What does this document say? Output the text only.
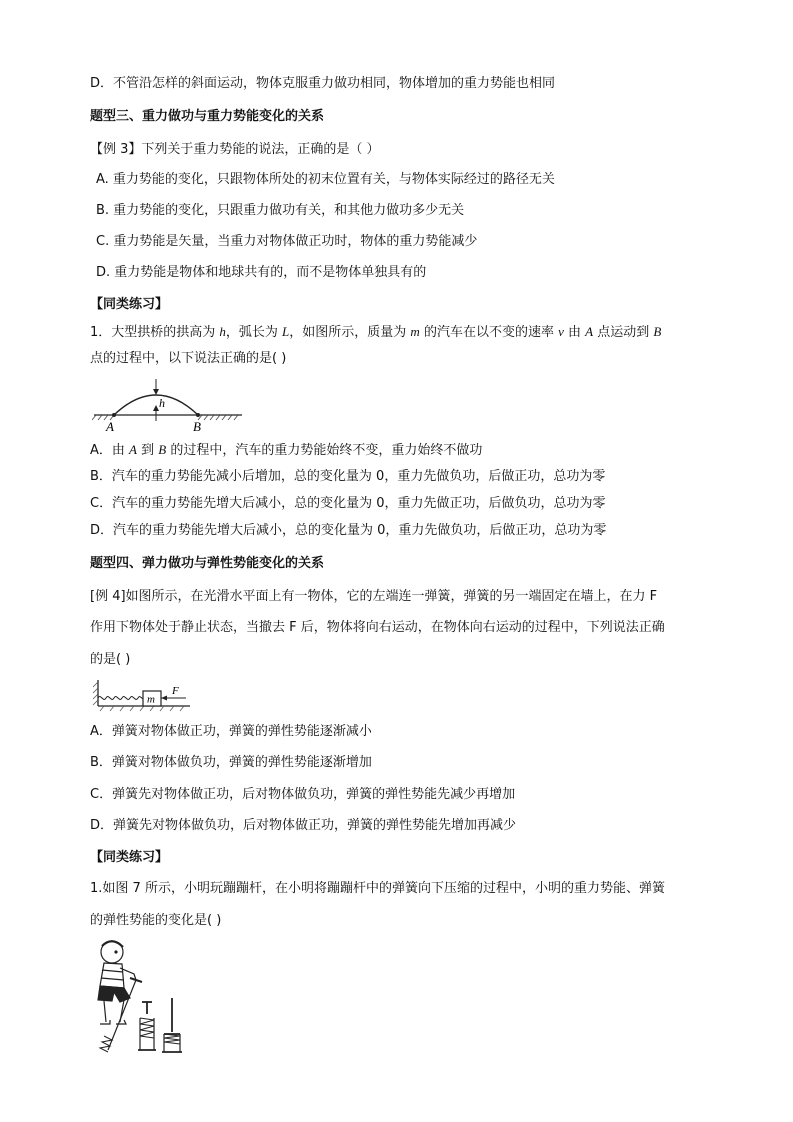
D．不管沿怎样的斜面运动，物体克服重力做功相同，物体增加的重力势能也相同
题型三、重力做功与重力势能变化的关系
【例 3】下列关于重力势能的说法，正确的是（ ）
A. 重力势能的变化，只跟物体所处的初末位置有关，与物体实际经过的路径无关
B. 重力势能的变化，只跟重力做功有关，和其他力做功多少无关
C. 重力势能是矢量，当重力对物体做正功时，物体的重力势能减少
D. 重力势能是物体和地球共有的，而不是物体单独具有的
【同类练习】
1．大型拱桥的拱高为 h，弧长为 L，如图所示，质量为 m 的汽车在以不变的速率 v 由 A 点运动到 B
点的过程中，以下说法正确的是( )
h
A	B
A．由 A 到 B 的过程中，汽车的重力势能始终不变，重力始终不做功
B．汽车的重力势能先减小后增加，总的变化量为 0，重力先做负功，后做正功，总功为零
C．汽车的重力势能先增大后减小，总的变化量为 0，重力先做正功，后做负功，总功为零
D．汽车的重力势能先增大后减小，总的变化量为 0，重力先做负功，后做正功，总功为零
题型四、弹力做功与弹性势能变化的关系
[例 4]如图所示，在光滑水平面上有一物体，它的左端连一弹簧，弹簧的另一端固定在墙上，在力 F
作用下物体处于静止状态，当撤去 F 后，物体将向右运动，在物体向右运动的过程中，下列说法正确
的是( )
m
F
A．弹簧对物体做正功，弹簧的弹性势能逐渐减小
B．弹簧对物体做负功，弹簧的弹性势能逐渐增加
C．弹簧先对物体做正功，后对物体做负功，弹簧的弹性势能先减少再增加
D．弹簧先对物体做负功，后对物体做正功，弹簧的弹性势能先增加再减少
【同类练习】
1.如图 7 所示，小明玩蹦蹦杆，在小明将蹦蹦杆中的弹簧向下压缩的过程中，小明的重力势能、弹簧
的弹性势能的变化是( )
